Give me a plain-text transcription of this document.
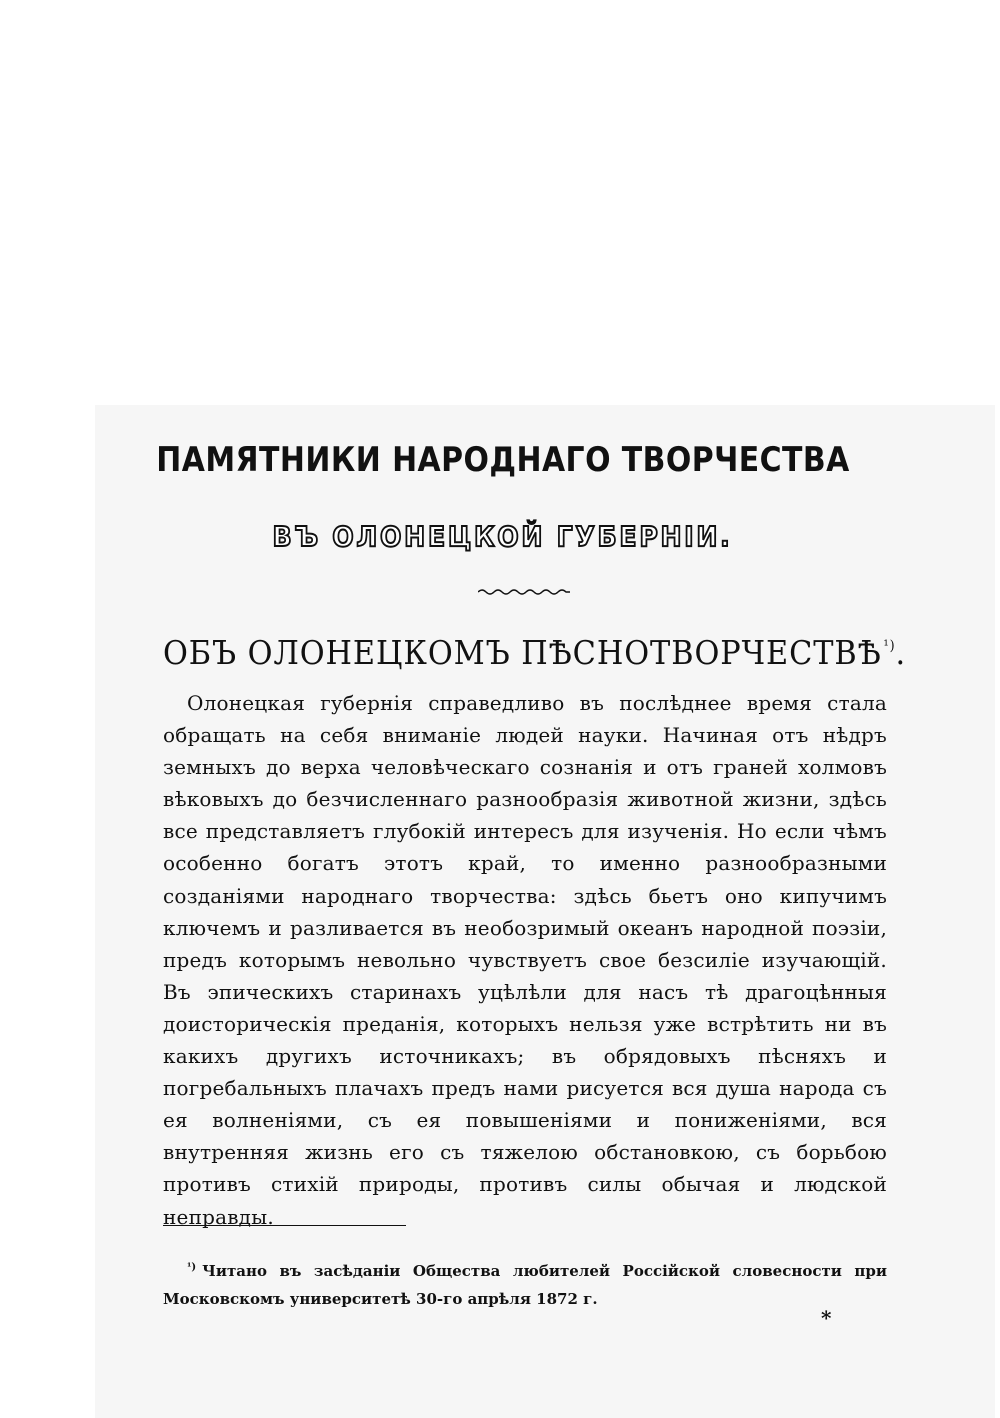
ПАМЯТНИКИ НАРОДНАГО ТВОРЧЕСТВА
ВЪ ОЛОНЕЦКОЙ ГУБЕРНIИ.
ОБЪ ОЛОНЕЦКОМЪ ПѢСНОТВОРЧЕСТВѢ $^{^1)}$.
Олонецкая губернія справедливо въ послѣднее время стала обращать на себя вниманіе людей науки. Начиная отъ нѣдръ земныхъ до верха человѣческаго сознанія и отъ граней холмовъ вѣковыхъ до безчисленнаго разнообразія животной жизни, здѣсь все представляетъ глубокій интересъ для изученія. Но если чѣмъ особенно богатъ этотъ край, то именно разнообразными созданіями народнаго творчества: здѣсь бьетъ оно кипучимъ ключемъ и разливается въ необозримый океанъ народной поэзіи, предъ которымъ невольно чувствуетъ свое безсиліе изучающій. Въ эпическихъ старинахъ уцѣлѣли для насъ тѣ драгоцѣнныя доисторическія преданія, которыхъ нельзя уже встрѣтить ни въ какихъ другихъ источникахъ; въ обрядовыхъ пѣсняхъ и погребальныхъ плачахъ предъ нами рисуется вся душа народа съ ея волненіями, съ ея повышеніями и пониженіями, вся внутренняя жизнь его съ тяжелою обстановкою, съ борьбою противъ стихій природы, противъ силы обычая и людской неправды.
$^{^1)}$ Читано въ засѣданіи Общества любителей Россійской словесности при Московскомъ университетѣ 30-го апрѣля 1872 г.
*
